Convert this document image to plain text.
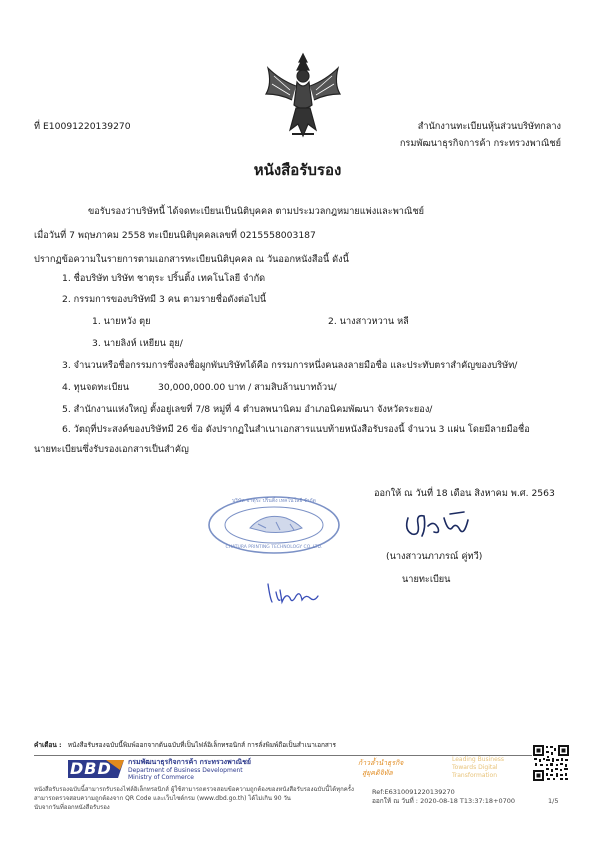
ที่ E10091220139270	สำนักงานทะเบียนหุ้นส่วนบริษัทกลาง
กรมพัฒนาธุรกิจการค้า กระทรวงพาณิชย์
หนังสือรับรอง
ขอรับรองว่าบริษัทนี้ ได้จดทะเบียนเป็นนิติบุคคล ตามประมวลกฎหมายแพ่งและพาณิชย์
เมื่อวันที่ 7 พฤษภาคม 2558 ทะเบียนนิติบุคคลเลขที่ 0215558003187
ปรากฏข้อความในรายการตามเอกสารทะเบียนนิติบุคคล ณ วันออกหนังสือนี้ ดังนี้
1. ชื่อบริษัท บริษัท ชาตุระ ปริ้นติ้ง เทคโนโลยี จำกัด
2. กรรมการของบริษัทมี 3 คน ตามรายชื่อดังต่อไปนี้
1. นายหวัง ตุย	2. นางสาวหวาน หลี
3. นายลิงห์ เหยียน ฮุย/
3. จำนวนหรือชื่อกรรมการซึ่งลงชื่อผูกพันบริษัทได้คือ กรรมการหนึ่งคนลงลายมือชื่อ และประทับตราสำคัญของบริษัท/
4. ทุนจดทะเบียน	30,000,000.00 บาท / สามสิบล้านบาทถ้วน/
5. สำนักงานแห่งใหญ่ ตั้งอยู่เลขที่ 7/8 หมู่ที่ 4 ตำบลพนานิคม อำเภอนิคมพัฒนา จังหวัดระยอง/
6. วัตถุที่ประสงค์ของบริษัทมี 26 ข้อ ดังปรากฏในสำเนาเอกสารแนบท้ายหนังสือรับรองนี้ จำนวน 3 แผ่น โดยมีลายมือชื่อ
นายทะเบียนซึ่งรับรองเอกสารเป็นสำคัญ
ออกให้ ณ วันที่ 18 เดือน สิงหาคม พ.ศ. 2563
บริษัท ชาตุระ ปริ้นติ้ง เทคโนโลยี จำกัด
CHATURA PRINTING TECHNOLOGY CO.,LTD.
(นางสาวนภาภรณ์ คู่ทวี)
นายทะเบียน
คำเตือน : หนังสือรับรองฉบับนี้พิมพ์ออกจากต้นฉบับที่เป็นไฟล์อิเล็กทรอนิกส์ การลั่งพิมพ์ถือเป็นสำเนาเอกสาร
DBD กรมพัฒนาธุรกิจการค้า กระทรวงพาณิชย์
Department of Business Development
Ministry of Commerce
ก้าวล้ำนำธุรกิจ
สู่ยุคดิจิทัล
Leading Business
Towards Digital
Transformation
หนังสือรับรองฉบับนี้สามารถรับรองไฟล์อิเล็กทรอนิกส์ ผู้ใช้สามารถตรวจสอบข้อความถูกต้องของหนังสือรับรองฉบับนี้ได้ทุกครั้ง
สามารถตรวจสอบความถูกต้องจาก QR Code และเว็บไซต์กรม (www.dbd.go.th) ได้ไม่เกิน 90 วัน
นับจากวันที่ออกหนังสือรับรอง
Ref:E6310091220139270
ออกให้ ณ วันที่ : 2020-08-18 T13:37:18+0700	1/5
